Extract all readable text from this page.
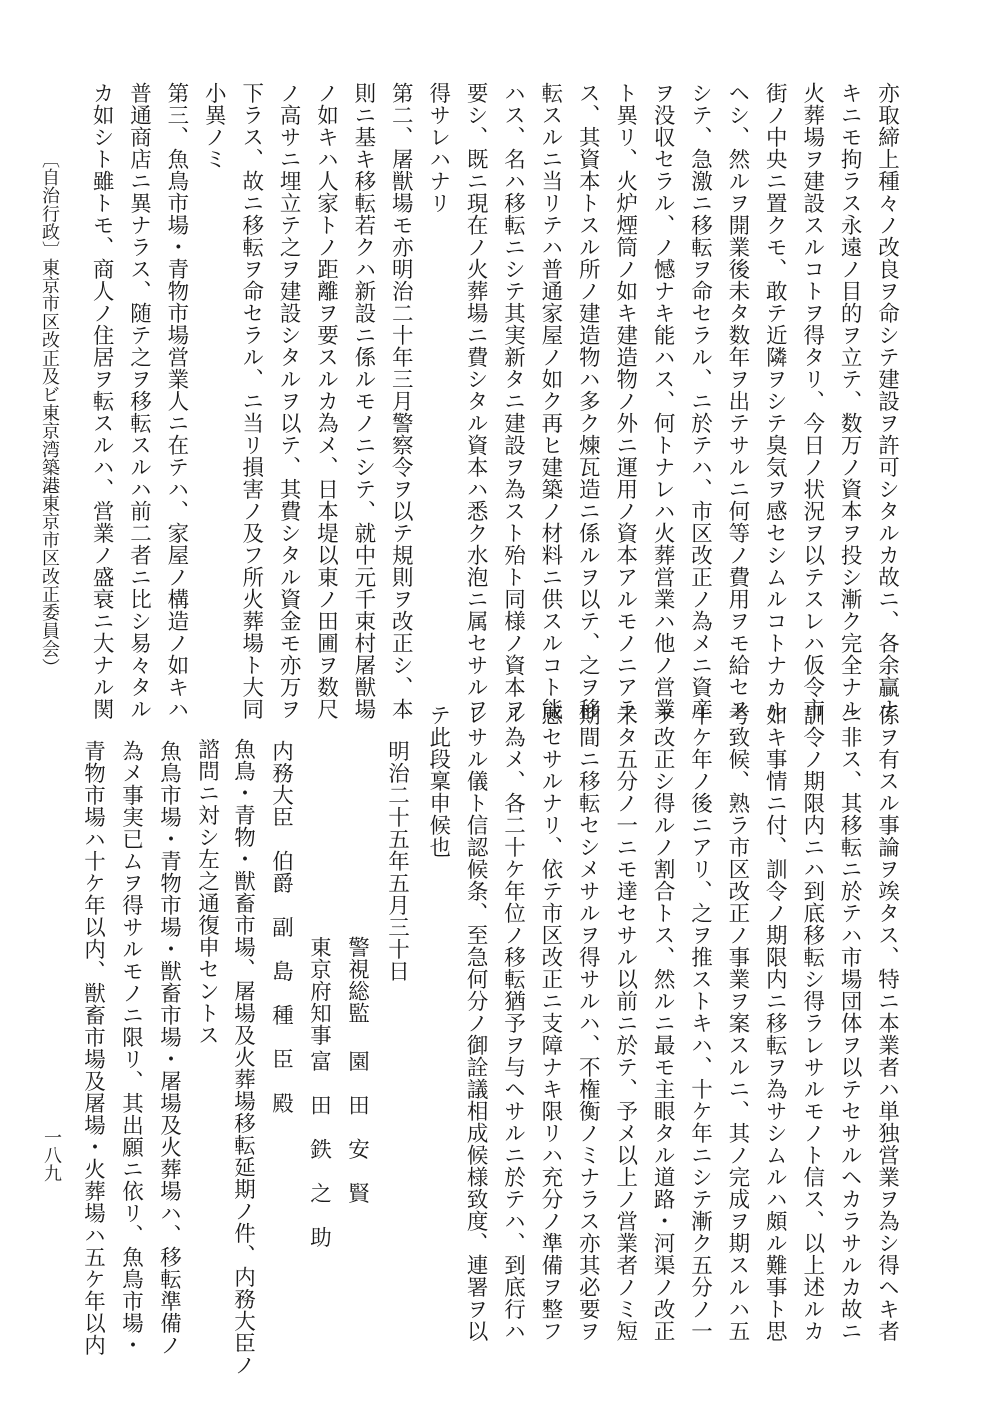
亦取締上種々ノ改良ヲ命シテ建設ヲ許可シタルカ故ニ、各余贏ナ
キニモ拘ラス永遠ノ目的ヲ立テ、数万ノ資本ヲ投シ漸ク完全ナル
火葬場ヲ建設スルコトヲ得タリ、今日ノ状況ヲ以テスレハ仮令市
街ノ中央ニ置クモ、敢テ近隣ヲシテ臭気ヲ感セシムルコトナカル
ヘシ、然ルヲ開業後未タ数年ヲ出テサルニ何等ノ費用ヲモ給セス
シテ、急激ニ移転ヲ命セラル、ニ於テハ、市区改正ノ為メニ資産
ヲ没収セラル、ノ憾ナキ能ハス、何トナレハ火葬営業ハ他ノ営業
ト異リ、火炉煙筒ノ如キ建造物ノ外ニ運用ノ資本アルモノニアラ
ス、其資本トスル所ノ建造物ハ多ク煉瓦造ニ係ルヲ以テ、之ヲ移
転スルニ当リテハ普通家屋ノ如ク再ヒ建築ノ材料ニ供スルコト能
ハス、名ハ移転ニシテ其実新タニ建設ヲ為スト殆ト同様ノ資本ヲ
要シ、既ニ現在ノ火葬場ニ費シタル資本ハ悉ク水泡ニ属セサルヲ
得サレハナリ
第二、屠獣場モ亦明治二十年三月警察令ヲ以テ規則ヲ改正シ、本
則ニ基キ移転若クハ新設ニ係ルモノニシテ、就中元千束村屠獣場
ノ如キハ人家トノ距離ヲ要スルカ為メ、日本堤以東ノ田圃ヲ数尺
ノ高サニ埋立テ之ヲ建設シタルヲ以テ、其費シタル資金モ亦万ヲ
下ラス、故ニ移転ヲ命セラル、ニ当リ損害ノ及フ所火葬場ト大同
小異ノミ
第三、魚鳥市場・青物市場営業人ニ在テハ、家屋ノ構造ノ如キハ
普通商店ニ異ナラス、随テ之ヲ移転スルハ前二者ニ比シ易々タル
カ如シト雖トモ、商人ノ住居ヲ転スルハ、営業ノ盛衰ニ大ナル関
係ヲ有スル事論ヲ竢タス、特ニ本業者ハ単独営業ヲ為シ得ヘキ者
ニ非ス、其移転ニ於テハ市場団体ヲ以テセサルヘカラサルカ故ニ
訓令ノ期限内ニハ到底移転シ得ラレサルモノト信ス、以上述ルカ
如キ事情ニ付、訓令ノ期限内ニ移転ヲ為サシムルハ頗ル難事ト思
考致候、熟ラ市区改正ノ事業ヲ案スルニ、其ノ完成ヲ期スルハ五
十ケ年ノ後ニアリ、之ヲ推ストキハ、十ケ年ニシテ漸ク五分ノ一
ヲ改正シ得ルノ割合トス、然ルニ最モ主眼タル道路・河渠ノ改正
未タ五分ノ一ニモ達セサル以前ニ於テ、予メ以上ノ営業者ノミ短
期間ニ移転セシメサルヲ得サルハ、不権衡ノミナラス亦其必要ヲ
感セサルナリ、依テ市区改正ニ支障ナキ限リハ充分ノ準備ヲ整フ
ル為メ、各二十ケ年位ノ移転猶予ヲ与ヘサルニ於テハ、到底行ハ
レサル儀ト信認候条、至急何分ノ御詮議相成候様致度、連署ヲ以
テ此段稟申候也
明治二十五年五月三十日
警視総監
園　田　安　賢
東京府知事
富　田　鉄　之　助
内務大臣　伯爵　副　島　種　臣　殿
魚鳥・青物・獣畜市場、屠場及火葬場移転延期ノ件、内務大臣ノ
諮問ニ対シ左之通復申セントス
魚鳥市場・青物市場・獣畜市場・屠場及火葬場ハ、移転準備ノ
為メ事実已ムヲ得サルモノニ限リ、其出願ニ依リ、魚鳥市場・
青物市場ハ十ケ年以内、獣畜市場及屠場・火葬場ハ五ケ年以内
〔自治行政〕
東京市区改正及ビ東京湾築港
（東京市区改正委員会）
一八九
